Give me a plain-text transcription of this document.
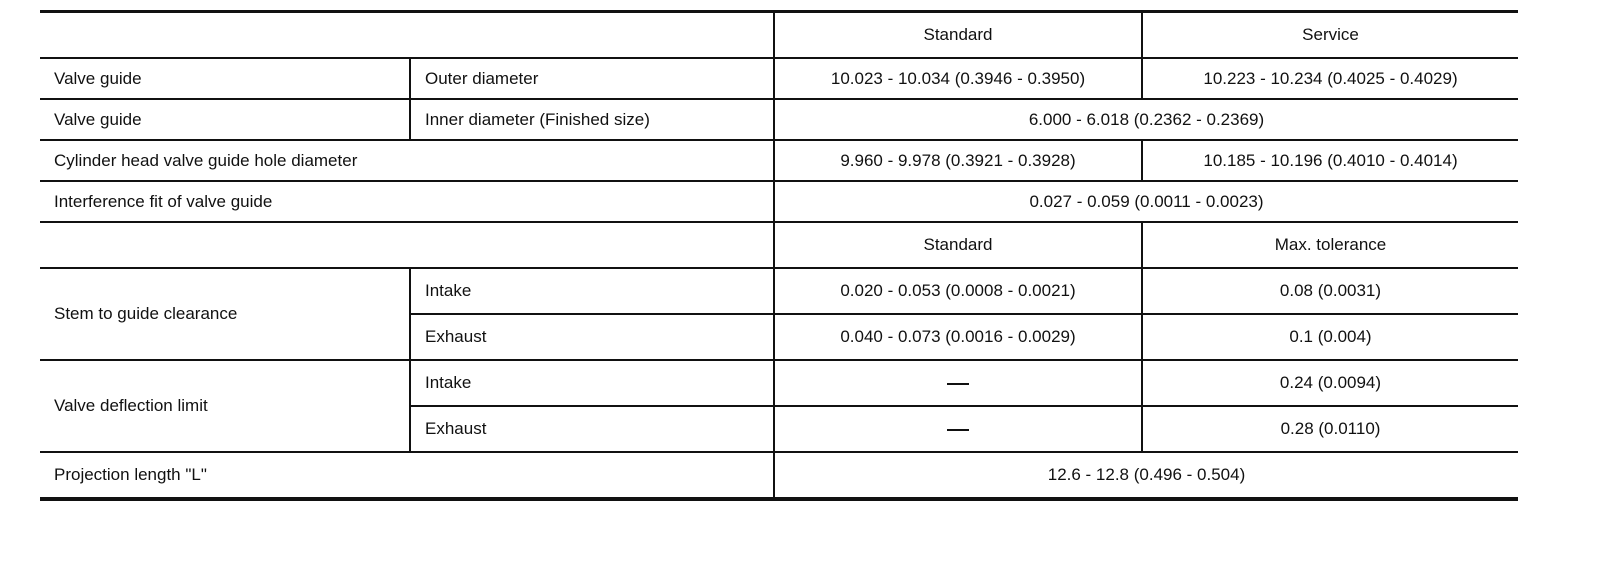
		Standard	Service
Valve guide	Outer diameter	10.023 - 10.034 (0.3946 - 0.3950)	10.223 - 10.234 (0.4025 - 0.4029)
Valve guide	Inner diameter (Finished size)	6.000 - 6.018 (0.2362 - 0.2369)	
Cylinder head valve guide hole diameter		9.960 - 9.978 (0.3921 - 0.3928)	10.185 - 10.196 (0.4010 - 0.4014)
Interference fit of valve guide		0.027 - 0.059 (0.0011 - 0.0023)	
		Standard	Max. tolerance
Stem to guide clearance	Intake	0.020 - 0.053 (0.0008 - 0.0021)	0.08 (0.0031)
	Exhaust	0.040 - 0.073 (0.0016 - 0.0029)	0.1 (0.004)
Valve deflection limit	Intake		0.24 (0.0094)
	Exhaust		0.28 (0.0110)
Projection length "L"		12.6 - 12.8 (0.496 - 0.504)	
